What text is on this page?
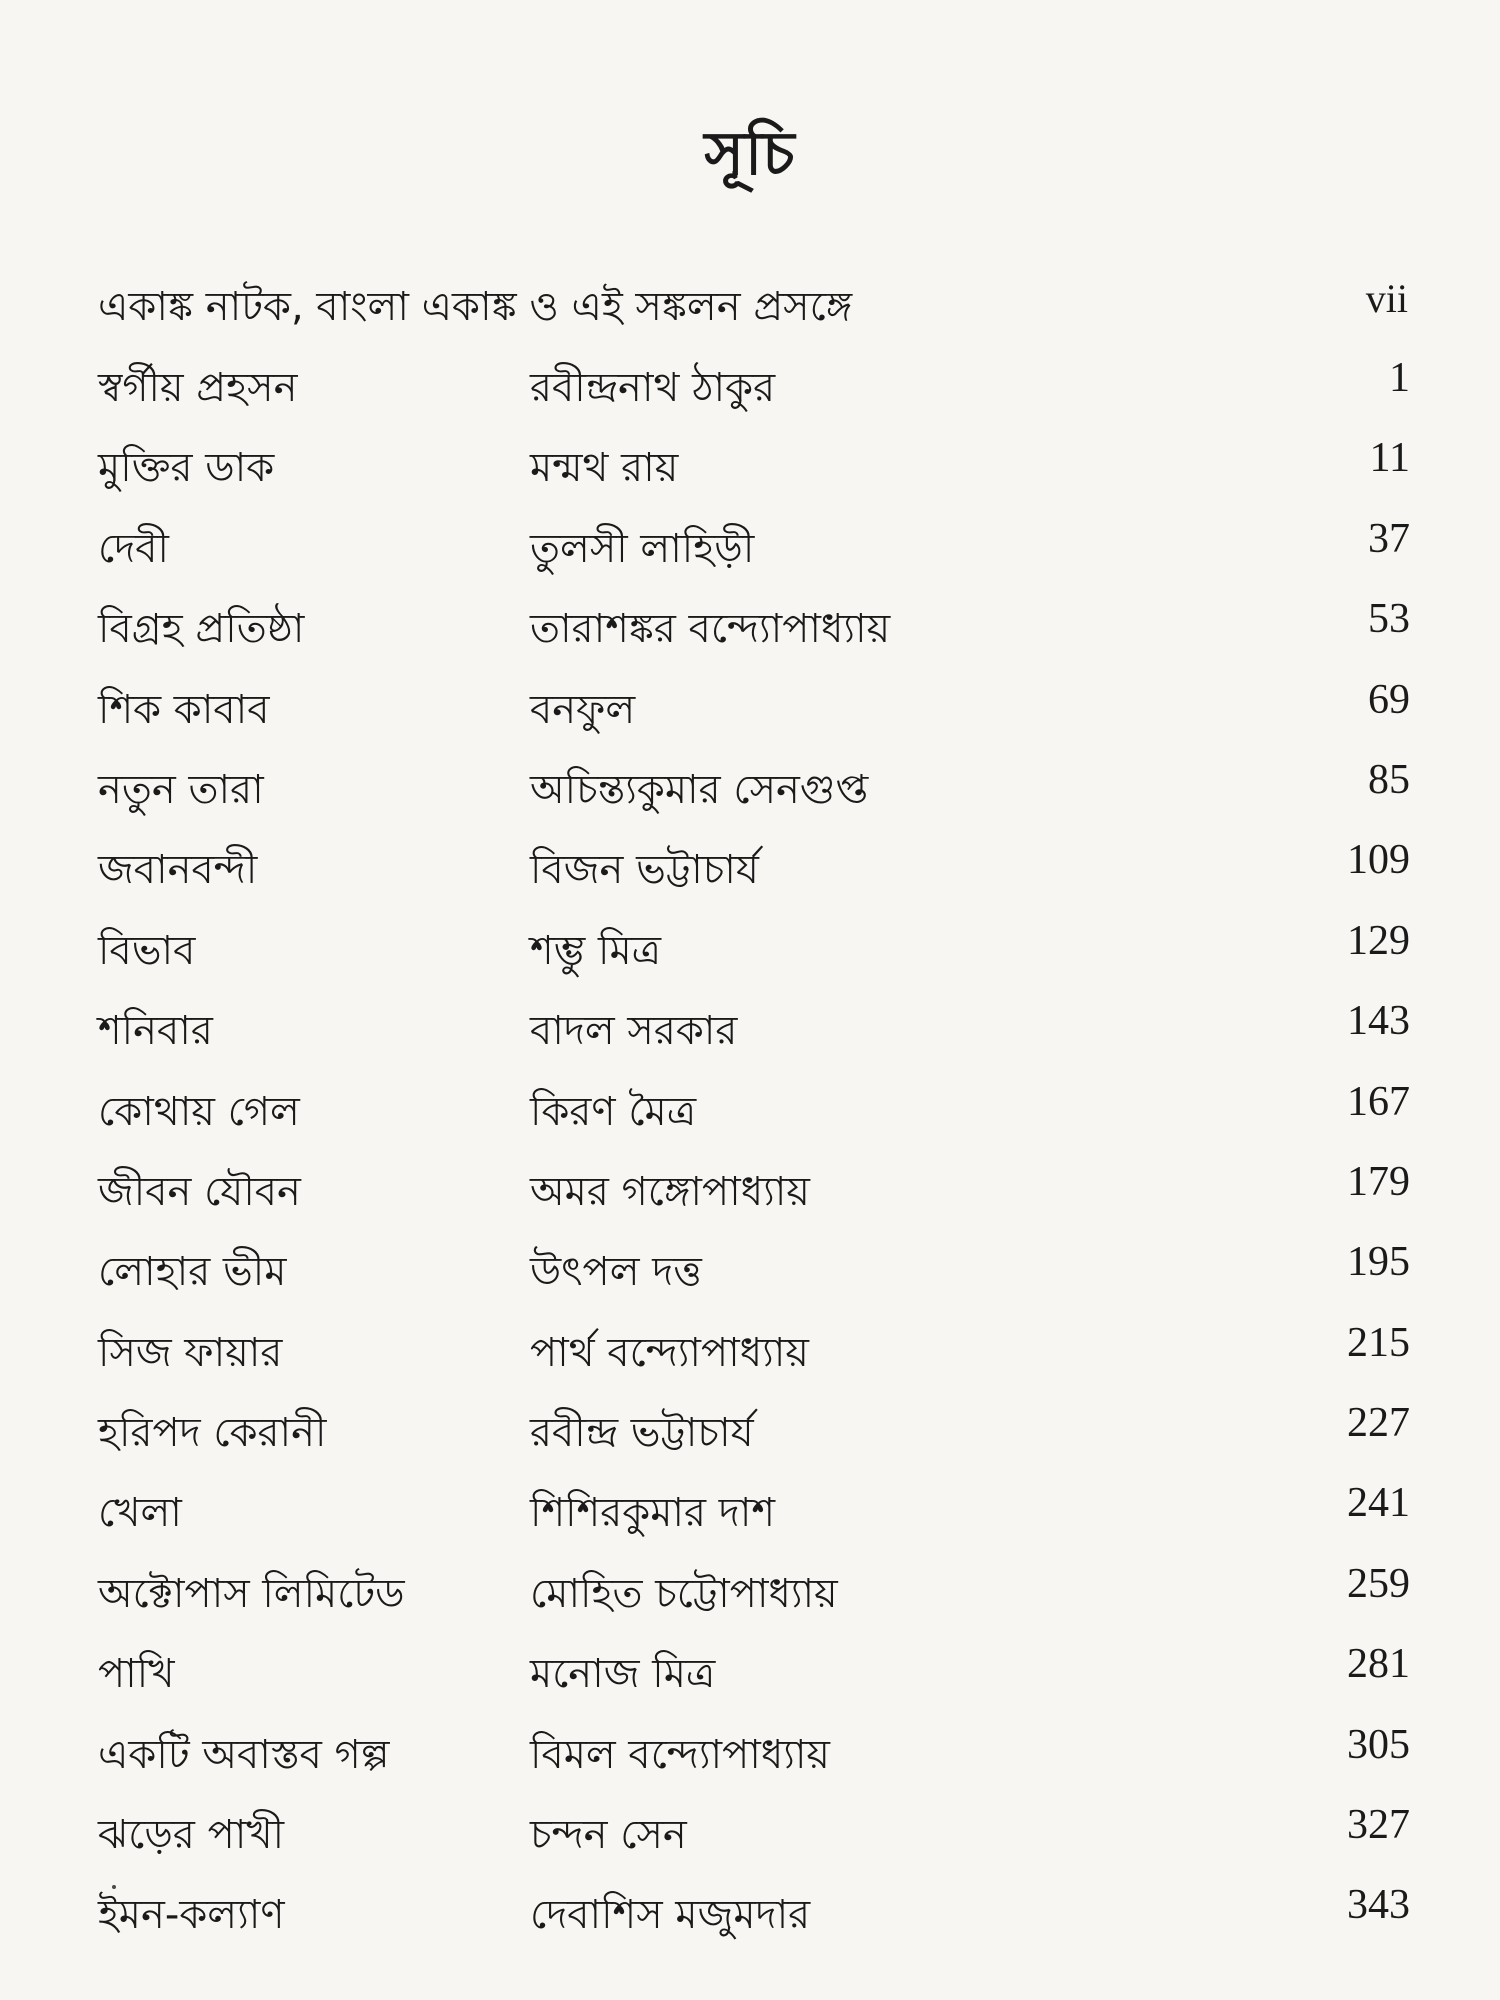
সূচি
একাঙ্ক নাটক, বাংলা একাঙ্ক ও এই সঙ্কলন প্রসঙ্গে	vii
স্বর্গীয় প্রহসন	রবীন্দ্রনাথ ঠাকুর	1
মুক্তির ডাক	মন্মথ রায়	11
দেবী	তুলসী লাহিড়ী	37
বিগ্রহ প্রতিষ্ঠা	তারাশঙ্কর বন্দ্যোপাধ্যায়	53
শিক কাবাব	বনফুল	69
নতুন তারা	অচিন্ত্যকুমার সেনগুপ্ত	85
জবানবন্দী	বিজন ভট্টাচার্য	109
বিভাব	শম্ভু মিত্র	129
শনিবার	বাদল সরকার	143
কোথায় গেল	কিরণ মৈত্র	167
জীবন যৌবন	অমর গঙ্গোপাধ্যায়	179
লোহার ভীম	উৎপল দত্ত	195
সিজ ফায়ার	পার্থ বন্দ্যোপাধ্যায়	215
হরিপদ কেরানী	রবীন্দ্র ভট্টাচার্য	227
খেলা	শিশিরকুমার দাশ	241
অক্টোপাস লিমিটেড	মোহিত চট্টোপাধ্যায়	259
পাখি	মনোজ মিত্র	281
একটি অবাস্তব গল্প	বিমল বন্দ্যোপাধ্যায়	305
ঝড়ের পাখী	চন্দন সেন	327
ইমন-কল্যাণ	দেবাশিস মজুমদার	343
